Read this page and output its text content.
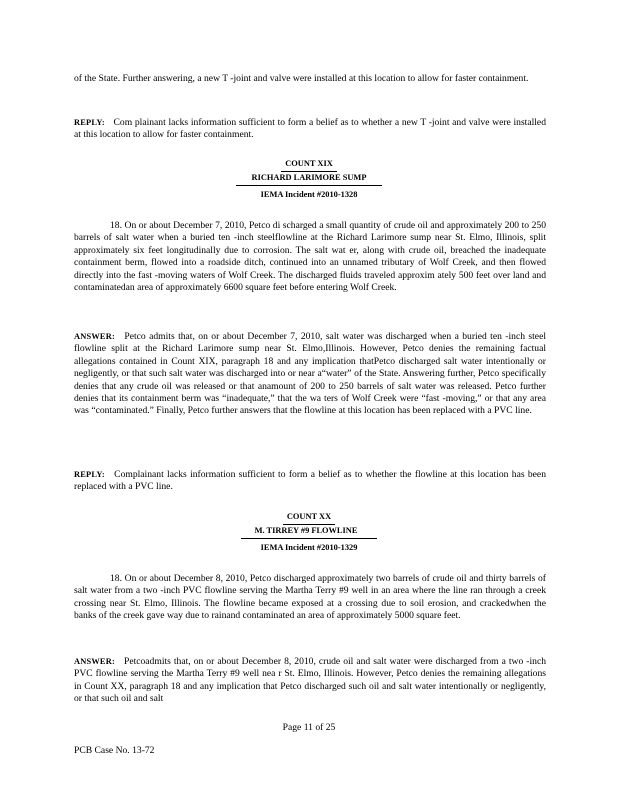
of the State. Further answering, a new T -joint and valve were installed at this location to allow for faster containment.

REPLY: Com plainant lacks information sufficient to form a belief as to whether a new T -joint and valve were installed at this location to allow for faster containment.

COUNT XIX
RICHARD LARIMORE SUMP
IEMA Incident #2010-1328

18. On or about December 7, 2010, Petco di scharged a small quantity of crude oil and approximately 200 to 250 barrels of salt water when a buried ten -inch steelflowline at the Richard Larimore sump near St. Elmo, Illinois, split approximately six feet longitudinally due to corrosion. The salt wat er, along with crude oil, breached the inadequate containment berm, flowed into a roadside ditch, continued into an unnamed tributary of Wolf Creek, and then flowed directly into the fast -moving waters of Wolf Creek. The discharged fluids traveled approxim ately 500 feet over land and contaminatedan area of approximately 6600 square feet before entering Wolf Creek.

ANSWER: Petco admits that, on or about December 7, 2010, salt water was discharged when a buried ten -inch steel flowline split at the Richard Larimore sump near St. Elmo,Illinois. However, Petco denies the remaining factual allegations contained in Count XIX, paragraph 18 and any implication thatPetco discharged salt water intentionally or negligently, or that such salt water was discharged into or near a“water” of the State. Answering further, Petco specifically denies that any crude oil was released or that anamount of 200 to 250 barrels of salt water was released. Petco further denies that its containment berm was “inadequate,” that the wa ters of Wolf Creek were “fast -moving,” or that any area was “contaminated.” Finally, Petco further answers that the flowline at this location has been replaced with a PVC line.

REPLY: Complainant lacks information sufficient to form a belief as to whether the flowline at this location has been replaced with a PVC line.

COUNT XX
M. TIRREY #9 FLOWLINE
IEMA Incident #2010-1329

18. On or about December 8, 2010, Petco discharged approximately two barrels of crude oil and thirty barrels of salt water from a two -inch PVC flowline serving the Martha Terry #9 well in an area where the line ran through a creek crossing near St. Elmo, Illinois. The flowline became exposed at a crossing due to soil erosion, and crackedwhen the banks of the creek gave way due to rainand contaminated an area of approximately 5000 square feet.

ANSWER: Petcoadmits that, on or about December 8, 2010, crude oil and salt water were discharged from a two -inch PVC flowline serving the Martha Terry #9 well nea r St. Elmo, Illinois. However, Petco denies the remaining allegations in Count XX, paragraph 18 and any implication that Petco discharged such oil and salt water intentionally or negligently, or that such oil and salt

Page 11 of 25
PCB Case No. 13-72
